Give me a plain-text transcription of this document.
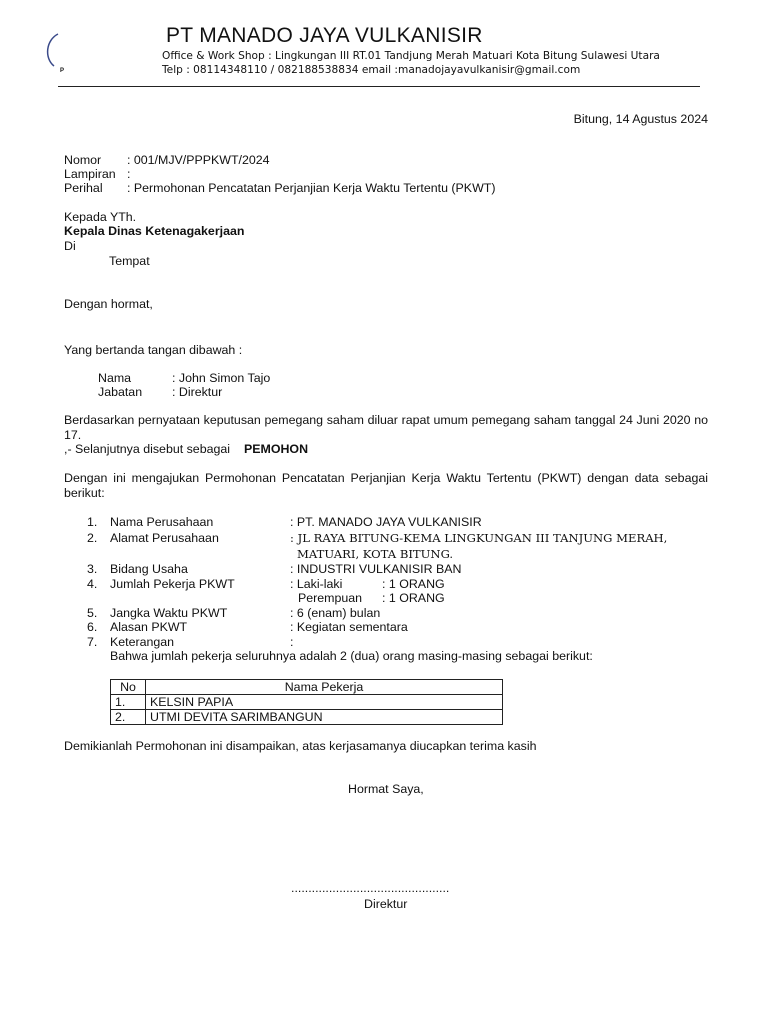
P
PT MANADO JAYA VULKANISIR
Office & Work Shop : Lingkungan III RT.01 Tandjung Merah Matuari Kota Bitung Sulawesi Utara
Telp : 08114348110 / 082188538834 email :manadojayavulkanisir@gmail.com
Bitung, 14 Agustus 2024
Nomor : 001/MJV/PPPKWT/2024
Lampiran :
Perihal : Permohonan Pencatatan Perjanjian Kerja Waktu Tertentu (PKWT)
Kepada YTh.
Kepala Dinas Ketenagakerjaan
Di
Tempat
Dengan hormat,
Yang bertanda tangan dibawah :
Nama	: John Simon Tajo
Jabatan : Direktur
Berdasarkan pernyataan keputusan pemegang saham diluar rapat umum pemegang saham tanggal 24 Juni 2020 no 17.
,- Selanjutnya disebut sebagai PEMOHON
Dengan ini mengajukan Permohonan Pencatatan Perjanjian Kerja Waktu Tertentu (PKWT) dengan data sebagai berikut:
1. Nama Perusahaan	: PT. MANADO JAYA VULKANISIR
2. Alamat Perusahaan	: JL RAYA BITUNG-KEMA LINGKUNGAN III TANJUNG MERAH,
MATUARI, KOTA BITUNG.
3. Bidang Usaha	: INDUSTRI VULKANISIR BAN
4. Jumlah Pekerja PKWT	: Laki-laki	: 1 ORANG
Perempuan : 1 ORANG
5. Jangka Waktu PKWT	: 6 (enam) bulan
6. Alasan PKWT	: Kegiatan sementara
7. Keterangan	:
Bahwa jumlah pekerja seluruhnya adalah 2 (dua) orang masing-masing sebagai berikut:
No	Nama Pekerja
1.	KELSIN PAPIA
2.	UTMI DEVITA SARIMBANGUN
Demikianlah Permohonan ini disampaikan, atas kerjasamanya diucapkan terima kasih
Hormat Saya,
..............................................
Direktur
